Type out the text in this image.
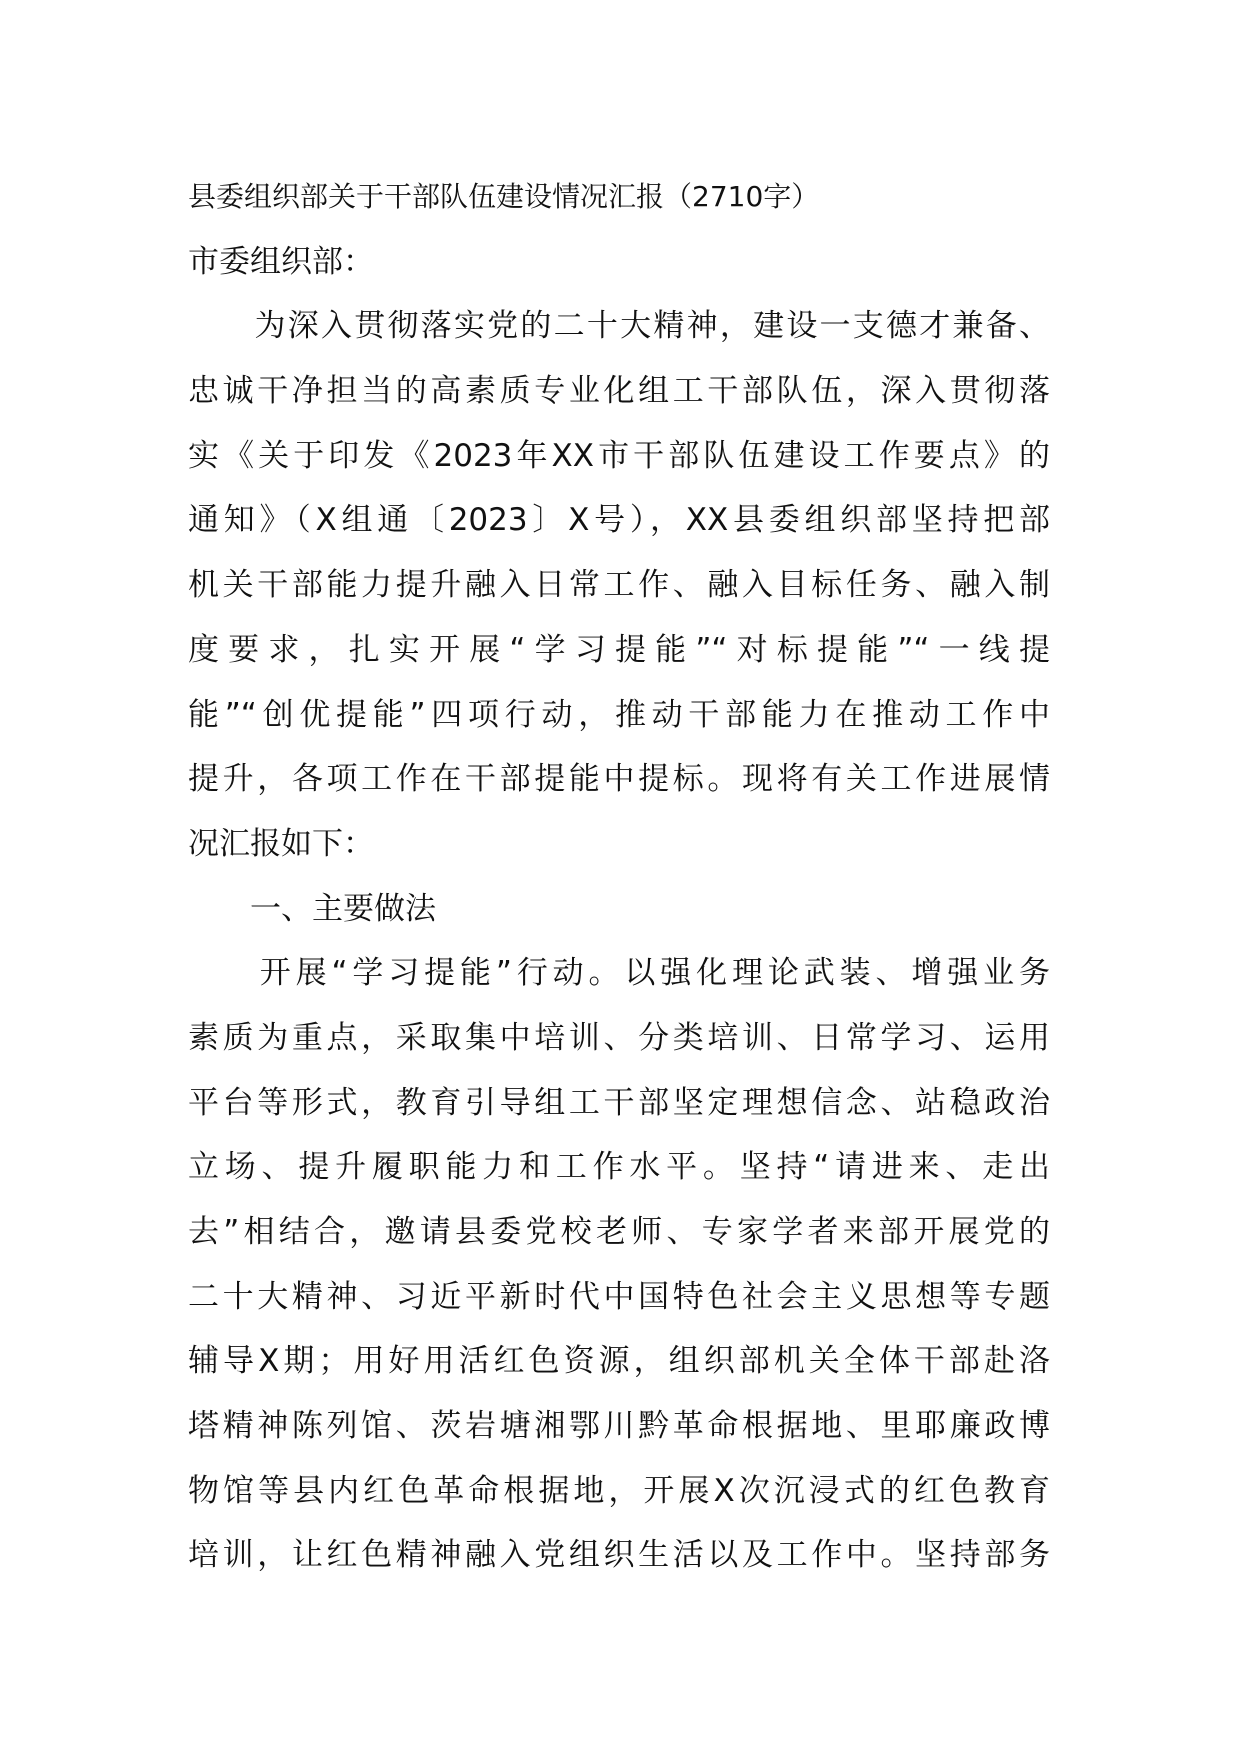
县委组织部关于干部队伍建设情况汇报（2710字）
市委组织部：
　　为深入贯彻落实党的二十大精神，建设一支德才兼备、
忠诚干净担当的高素质专业化组工干部队伍，深入贯彻落
实《关于印发《2023年XX市干部队伍建设工作要点》的
通知》（X组通〔2023〕X号），XX县委组织部坚持把部
机关干部能力提升融入日常工作、融入目标任务、融入制
度要求，扎实开展“学习提能”“对标提能”“一线提
能”“创优提能”四项行动，推动干部能力在推动工作中
提升，各项工作在干部提能中提标。现将有关工作进展情
况汇报如下：
　　一、主要做法
　　开展“学习提能”行动。以强化理论武装、增强业务
素质为重点，采取集中培训、分类培训、日常学习、运用
平台等形式，教育引导组工干部坚定理想信念、站稳政治
立场、提升履职能力和工作水平。坚持“请进来、走出
去”相结合，邀请县委党校老师、专家学者来部开展党的
二十大精神、习近平新时代中国特色社会主义思想等专题
辅导X期；用好用活红色资源，组织部机关全体干部赴洛
塔精神陈列馆、茨岩塘湘鄂川黔革命根据地、里耶廉政博
物馆等县内红色革命根据地，开展X次沉浸式的红色教育
培训，让红色精神融入党组织生活以及工作中。坚持部务
